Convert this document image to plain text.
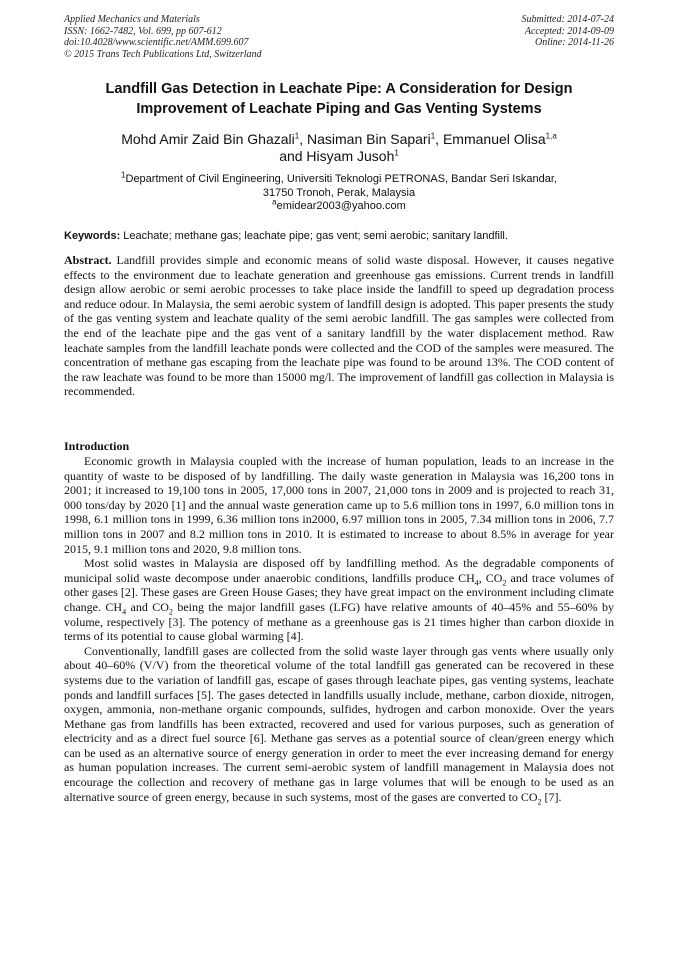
Applied Mechanics and Materials
ISSN: 1662-7482, Vol. 699, pp 607-612
doi:10.4028/www.scientific.net/AMM.699.607
© 2015 Trans Tech Publications Ltd, Switzerland
Submitted: 2014-07-24
Accepted: 2014-09-09
Online: 2014-11-26
Landfill Gas Detection in Leachate Pipe: A Consideration for Design
Improvement of Leachate Piping and Gas Venting Systems
Mohd Amir Zaid Bin Ghazali$^1$, Nasiman Bin Sapari$^1$, Emmanuel Olisa$^{1,a}$
and Hisyam Jusoh$^1$
$^1$Department of Civil Engineering, Universiti Teknologi PETRONAS, Bandar Seri Iskandar,
31750 Tronoh, Perak, Malaysia
$^a$emidear2003@yahoo.com
Keywords: Leachate; methane gas; leachate pipe; gas vent; semi aerobic; sanitary landfill.
Abstract. Landfill provides simple and economic means of solid waste disposal. However, it causes negative effects to the environment due to leachate generation and greenhouse gas emissions. Current trends in landfill design allow aerobic or semi aerobic processes to take place inside the landfill to speed up degradation process and reduce odour. In Malaysia, the semi aerobic system of landfill design is adopted. This paper presents the study of the gas venting system and leachate quality of the semi aerobic landfill. The gas samples were collected from the end of the leachate pipe and the gas vent of a sanitary landfill by the water displacement method. Raw leachate samples from the landfill leachate ponds were collected and the COD of the samples were measured. The concentration of methane gas escaping from the leachate pipe was found to be around 13%. The COD content of the raw leachate was found to be more than 15000 mg/l. The improvement of landfill gas collection in Malaysia is recommended.
Introduction

Economic growth in Malaysia coupled with the increase of human population, leads to an increase in the quantity of waste to be disposed of by landfilling. The daily waste generation in Malaysia was 16,200 tons in 2001; it increased to 19,100 tons in 2005, 17,000 tons in 2007, 21,000 tons in 2009 and is projected to reach 31, 000 tons/day by 2020 [1] and the annual waste generation came up to 5.6 million tons in 1997, 6.0 million tons in 1998, 6.1 million tons in 1999, 6.36 million tons in2000, 6.97 million tons in 2005, 7.34 million tons in 2006, 7.7 million tons in 2007 and 8.2 million tons in 2010. It is estimated to increase to about 8.5% in average for year 2015, 9.1 million tons and 2020, 9.8 million tons.

Most solid wastes in Malaysia are disposed off by landfilling method. As the degradable components of municipal solid waste decompose under anaerobic conditions, landfills produce $CH_4$, $CO_2$ and trace volumes of other gases [2]. These gases are Green House Gases; they have great impact on the environment including climate change. $CH_4$ and $CO_2$ being the major landfill gases (LFG) have relative amounts of 40–45% and 55–60% by volume, respectively [3]. The potency of methane as a greenhouse gas is 21 times higher than carbon dioxide in terms of its potential to cause global warming [4].

Conventionally, landfill gases are collected from the solid waste layer through gas vents where usually only about 40–60% (V/V) from the theoretical volume of the total landfill gas generated can be recovered in these systems due to the variation of landfill gas, escape of gases through leachate pipes, gas venting systems, leachate ponds and landfill surfaces [5]. The gases detected in landfills usually include, methane, carbon dioxide, nitrogen, oxygen, ammonia, non-methane organic compounds, sulfides, hydrogen and carbon monoxide. Over the years Methane gas from landfills has been extracted, recovered and used for various purposes, such as generation of electricity and as a direct fuel source [6]. Methane gas serves as a potential source of clean/green energy which can be used as an alternative source of energy generation in order to meet the ever increasing demand for energy as human population increases. The current semi-aerobic system of landfill management in Malaysia does not encourage the collection and recovery of methane gas in large volumes that will be enough to be used as an alternative source of green energy, because in such systems, most of the gases are converted to $CO_2$ [7].
